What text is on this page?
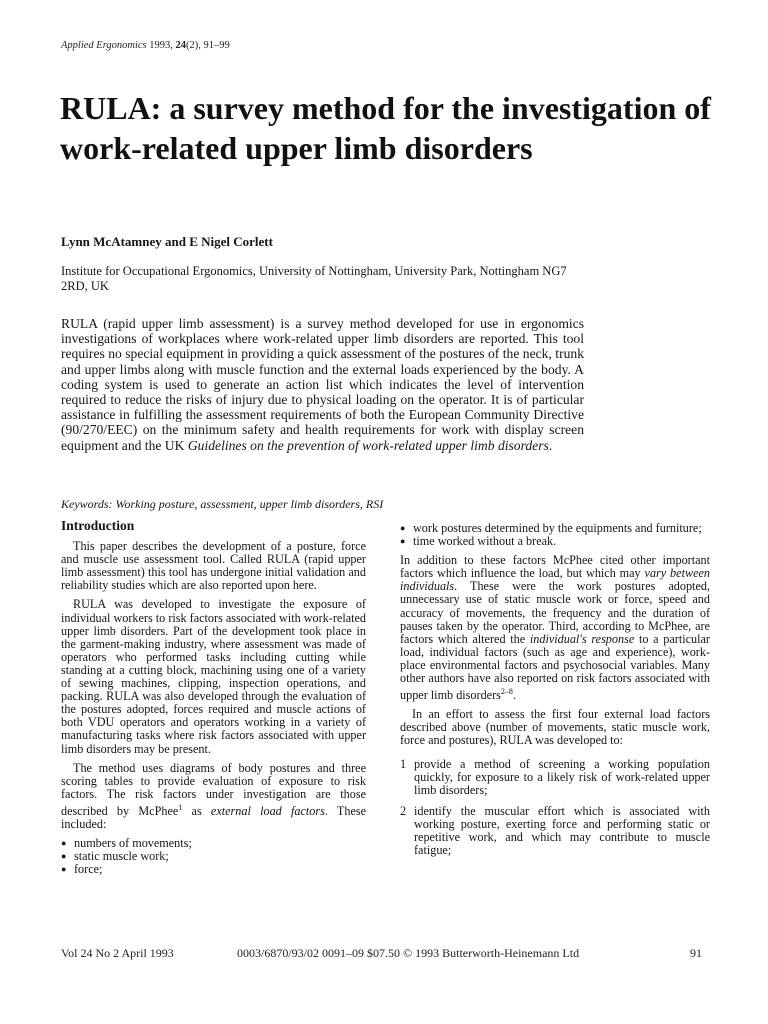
Applied Ergonomics 1993, 24(2), 91–99
RULA: a survey method for the investigation of work-related upper limb disorders

Lynn McAtamney and E Nigel Corlett

Institute for Occupational Ergonomics, University of Nottingham, University Park, Nottingham NG7 2RD, UK

RULA (rapid upper limb assessment) is a survey method developed for use in ergonomics investigations of workplaces where work-related upper limb disorders are reported. This tool requires no special equipment in providing a quick assessment of the postures of the neck, trunk and upper limbs along with muscle function and the external loads experienced by the body. A coding system is used to generate an action list which indicates the level of intervention required to reduce the risks of injury due to physical loading on the operator. It is of particular assistance in fulfilling the assessment requirements of both the European Community Directive (90/270/EEC) on the minimum safety and health requirements for work with display screen equipment and the UK Guidelines on the prevention of work-related upper limb disorders.

Keywords: Working posture, assessment, upper limb disorders, RSI

Introduction

This paper describes the development of a posture, force and muscle use assessment tool. Called RULA (rapid upper limb assessment) this tool has undergone initial validation and reliability studies which are also reported upon here.

RULA was developed to investigate the exposure of individual workers to risk factors associated with work-related upper limb disorders. Part of the development took place in the garment-making industry, where assessment was made of operators who performed tasks including cutting while standing at a cutting block, machining using one of a variety of sewing machines, clipping, inspection operations, and packing. RULA was also developed through the evaluation of the postures adopted, forces required and muscle actions of both VDU operators and operators working in a variety of manufacturing tasks where risk factors associated with upper limb disorders may be present.

The method uses diagrams of body postures and three scoring tables to provide evaluation of exposure to risk factors. The risk factors under investigation are those described by McPhee$^1$ as external load factors. These included:

● numbers of movements;
● static muscle work;
● force;
● work postures determined by the equipments and furniture;
● time worked without a break.

In addition to these factors McPhee cited other important factors which influence the load, but which may vary between individuals. These were the work postures adopted, unnecessary use of static muscle work or force, speed and accuracy of movements, the frequency and the duration of pauses taken by the operator. Third, according to McPhee, are factors which altered the individual's response to a particular load, individual factors (such as age and experience), work-place environmental factors and psychosocial variables. Many other authors have also reported on risk factors associated with upper limb disorders$^{2-8}$.

In an effort to assess the first four external load factors described above (number of movements, static muscle work, force and postures), RULA was developed to:

1 provide a method of screening a working population quickly, for exposure to a likely risk of work-related upper limb disorders;
2 identify the muscular effort which is associated with working posture, exerting force and performing static or repetitive work, and which may contribute to muscle fatigue;
Vol 24 No 2 April 1993	0003/6870/93/02 0091–09 $07.50 © 1993 Butterworth-Heinemann Ltd	91
